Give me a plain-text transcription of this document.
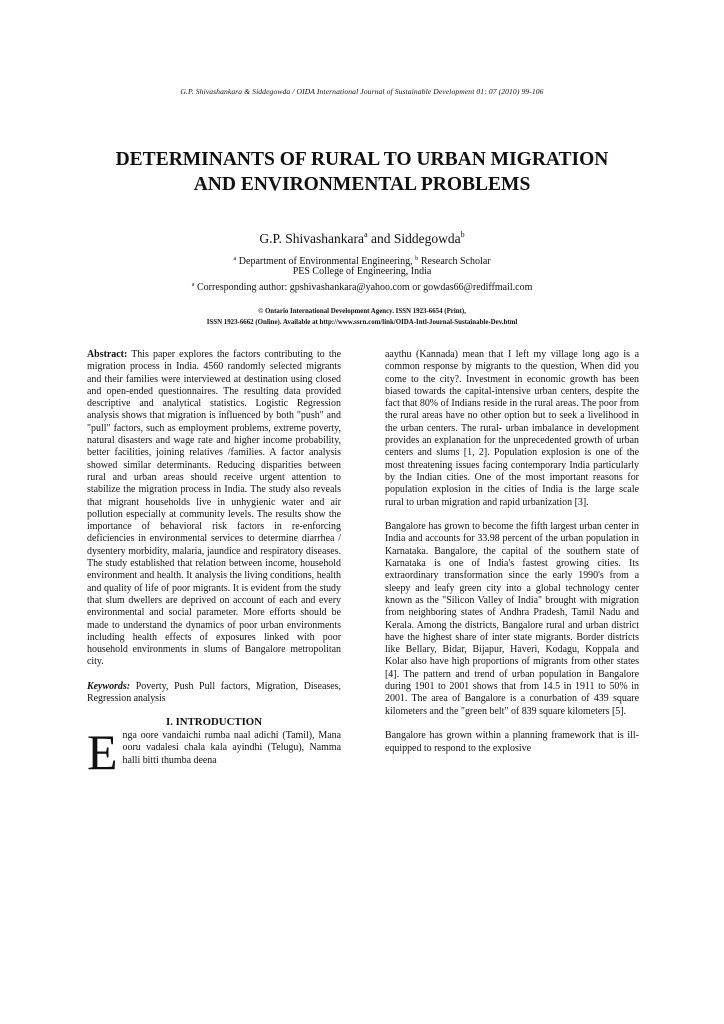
G.P. Shivashankara & Siddegowda / OIDA International Journal of Sustainable Development 01: 07 (2010) 99-106
DETERMINANTS OF RURAL TO URBAN MIGRATION
AND ENVIRONMENTAL PROBLEMS
G.P. Shivashankara$^a$ and Siddegowda$^b$
$^a$ Department of Environmental Engineering, $^b$ Research Scholar
PES College of Engineering, India
$^a$ Corresponding author: gpshivashankara@yahoo.com or gowdas66@rediffmail.com
© Ontario International Development Agency. ISSN 1923-6654 (Print),
ISSN 1923-6662 (Online). Available at http://www.ssrn.com/link/OIDA-Intl-Journal-Sustainable-Dev.html

Abstract: This paper explores the factors contributing to the migration process in India. 4560 randomly selected migrants and their families were interviewed at destination using closed and open-ended questionnaires. The resulting data provided descriptive and analytical statistics. Logistic Regression analysis shows that migration is influenced by both "push" and "pull" factors, such as employment problems, extreme poverty, natural disasters and wage rate and higher income probability, better facilities, joining relatives /families. A factor analysis showed similar determinants. Reducing disparities between rural and urban areas should receive urgent attention to stabilize the migration process in India. The study also reveals that migrant households live in unhygienic water and air pollution especially at community levels. The results show the importance of behavioral risk factors in re-enforcing deficiencies in environmental services to determine diarrhea / dysentery morbidity, malaria, jaundice and respiratory diseases. The study established that relation between income, household environment and health. It analysis the living conditions, health and quality of life of poor migrants. It is evident from the study that slum dwellers are deprived on account of each and every environmental and social parameter. More efforts should be made to understand the dynamics of poor urban environments including health effects of exposures linked with poor household environments in slums of Bangalore metropolitan city.

Keywords: Poverty, Push Pull factors, Migration, Diseases, Regression analysis

I. INTRODUCTION

Enga oore vandaichi rumba naal adichi (Tamil), Mana ooru vadalesi chala kala ayindhi (Telugu), Namma halli bitti thumba deena

aaythu (Kannada) mean that I left my village long ago is a common response by migrants to the question, When did you come to the city?. Investment in economic growth has been biased towards the capital-intensive urban centers, despite the fact that 80% of Indians reside in the rural areas. The poor from the rural areas have no other option but to seek a livelihood in the urban centers. The rural- urban imbalance in development provides an explanation for the unprecedented growth of urban centers and slums [1, 2]. Population explosion is one of the most threatening issues facing contemporary India particularly by the Indian cities. One of the most important reasons for population explosion in the cities of India is the large scale rural to urban migration and rapid urbanization [3].

Bangalore has grown to become the fifth largest urban center in India and accounts for 33.98 percent of the urban population in Karnataka. Bangalore, the capital of the southern state of Karnataka is one of India's fastest growing cities. Its extraordinary transformation since the early 1990's from a sleepy and leafy green city into a global technology center known as the "Silicon Valley of India" brought with migration from neighboring states of Andhra Pradesh, Tamil Nadu and Kerala. Among the districts, Bangalore rural and urban district have the highest share of inter state migrants. Border districts like Bellary, Bidar, Bijapur, Haveri, Kodagu, Koppala and Kolar also have high proportions of migrants from other states [4]. The pattern and trend of urban population in Bangalore during 1901 to 2001 shows that from 14.5 in 1911 to 50% in 2001. The area of Bangalore is a conurbation of 439 square kilometers and the "green belt" of 839 square kilometers [5].

Bangalore has grown within a planning framework that is ill-equipped to respond to the explosive
